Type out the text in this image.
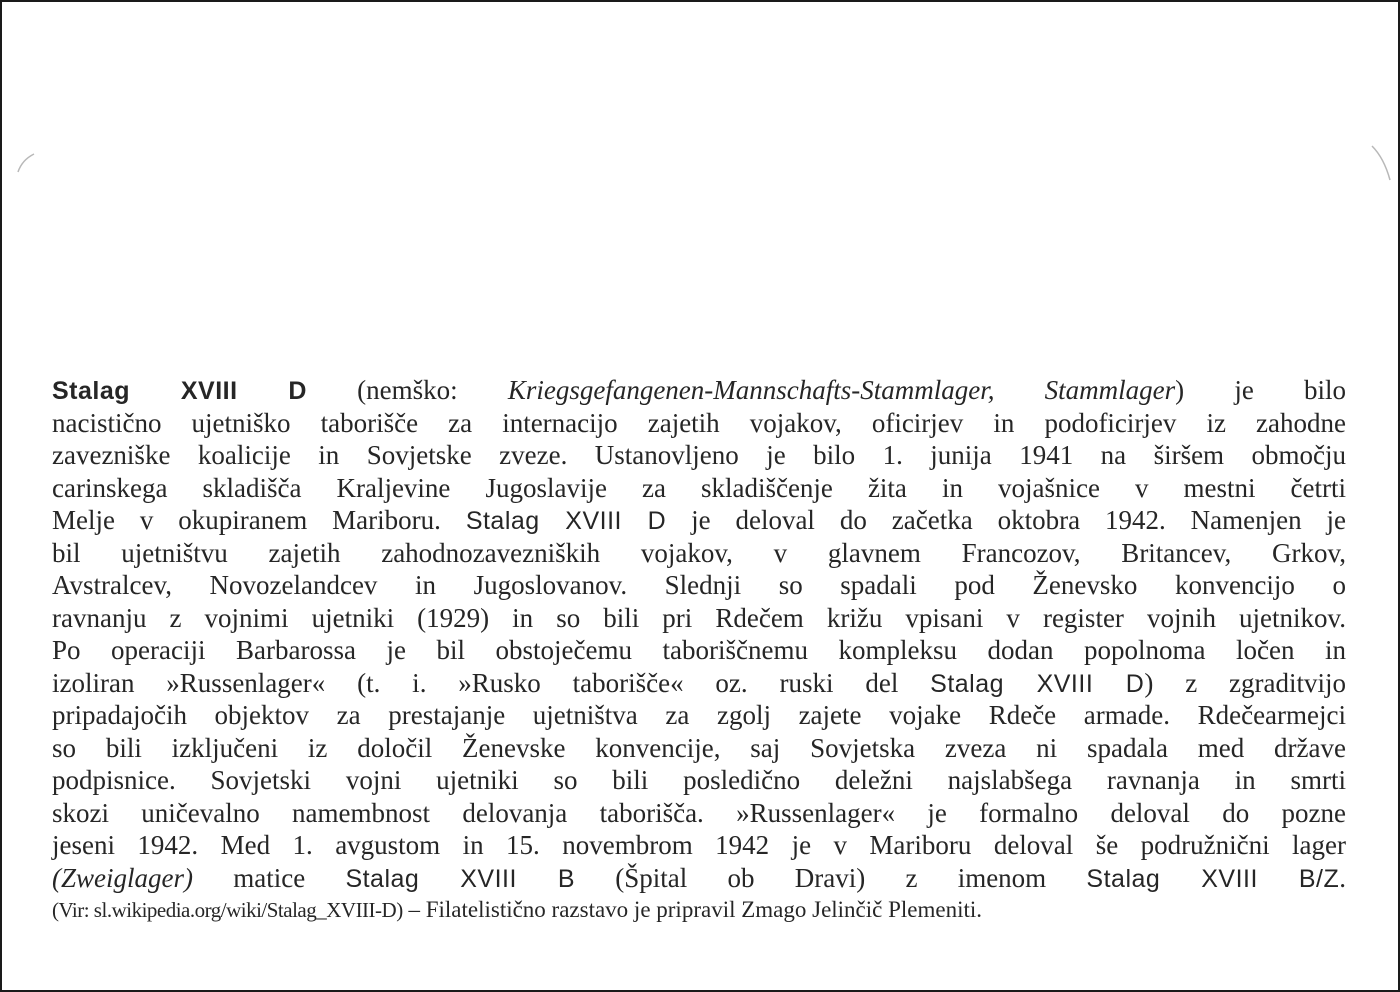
Stalag XVIII D (nemško: Kriegsgefangenen-Mannschafts-Stammlager, Stammlager) je bilo
nacistično ujetniško taborišče za internacijo zajetih vojakov, oficirjev in podoficirjev iz zahodne
zavezniške koalicije in Sovjetske zveze. Ustanovljeno je bilo 1. junija 1941 na širšem območju
carinskega skladišča Kraljevine Jugoslavije za skladiščenje žita in vojašnice v mestni četrti
Melje v okupiranem Mariboru. Stalag XVIII D je deloval do začetka oktobra 1942. Namenjen je
bil ujetništvu zajetih zahodnozavezniških vojakov, v glavnem Francozov, Britancev, Grkov,
Avstralcev, Novozelandcev in Jugoslovanov. Slednji so spadali pod Ženevsko konvencijo o
ravnanju z vojnimi ujetniki (1929) in so bili pri Rdečem križu vpisani v register vojnih ujetnikov.
Po operaciji Barbarossa je bil obstoječemu taboriščnemu kompleksu dodan popolnoma ločen in
izoliran »Russenlager« (t. i. »Rusko taborišče« oz. ruski del Stalag XVIII D) z zgraditvijo
pripadajočih objektov za prestajanje ujetništva za zgolj zajete vojake Rdeče armade. Rdečearmejci
so bili izključeni iz določil Ženevske konvencije, saj Sovjetska zveza ni spadala med države
podpisnice. Sovjetski vojni ujetniki so bili posledično deležni najslabšega ravnanja in smrti
skozi uničevalno namembnost delovanja taborišča. »Russenlager« je formalno deloval do pozne
jeseni 1942. Med 1. avgustom in 15. novembrom 1942 je v Mariboru deloval še podružnični lager
(Zweiglager) matice Stalag XVIII B (Špital ob Dravi) z imenom Stalag XVIII B/Z.
(Vir: sl.wikipedia.org/wiki/Stalag_XVIII-D) – Filatelistično razstavo je pripravil Zmago Jelinčič Plemeniti.
